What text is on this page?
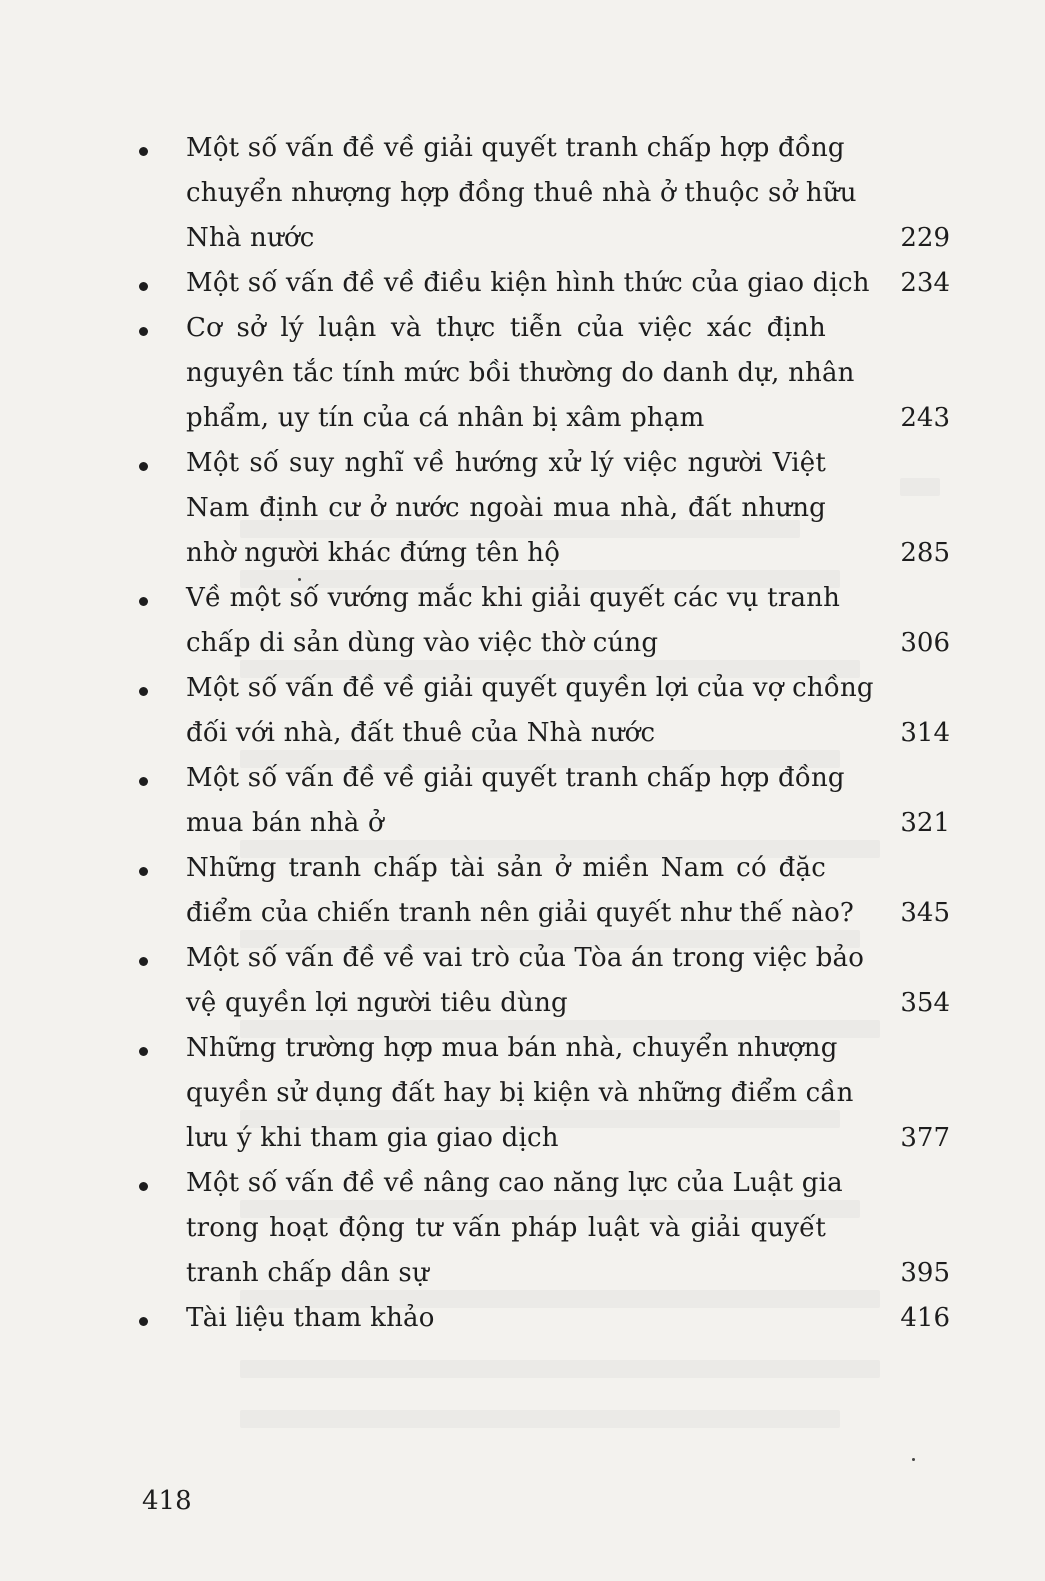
Một số vấn đề về giải quyết tranh chấp hợp đồng
chuyển nhượng hợp đồng thuê nhà ở thuộc sở hữu
Nhà nước	229
Một số vấn đề về điều kiện hình thức của giao dịch 234
Cơ sở lý luận và thực tiễn của việc xác định
nguyên tắc tính mức bồi thường do danh dự, nhân
phẩm, uy tín của cá nhân bị xâm phạm	243
Một số suy nghĩ về hướng xử lý việc người Việt
Nam định cư ở nước ngoài mua nhà, đất nhưng
nhờ người khác đứng tên hộ	285
Về một số vướng mắc khi giải quyết các vụ tranh
chấp di sản dùng vào việc thờ cúng	306
Một số vấn đề về giải quyết quyền lợi của vợ chồng
đối với nhà, đất thuê của Nhà nước	314
Một số vấn đề về giải quyết tranh chấp hợp đồng
mua bán nhà ở	321
Những tranh chấp tài sản ở miền Nam có đặc
điểm của chiến tranh nên giải quyết như thế nào? 345
Một số vấn đề về vai trò của Tòa án trong việc bảo
vệ quyền lợi người tiêu dùng	354
Những trường hợp mua bán nhà, chuyển nhượng
quyền sử dụng đất hay bị kiện và những điểm cần
lưu ý khi tham gia giao dịch	377
Một số vấn đề về nâng cao năng lực của Luật gia
trong hoạt động tư vấn pháp luật và giải quyết
tranh chấp dân sự	395
Tài liệu tham khảo	416
418
